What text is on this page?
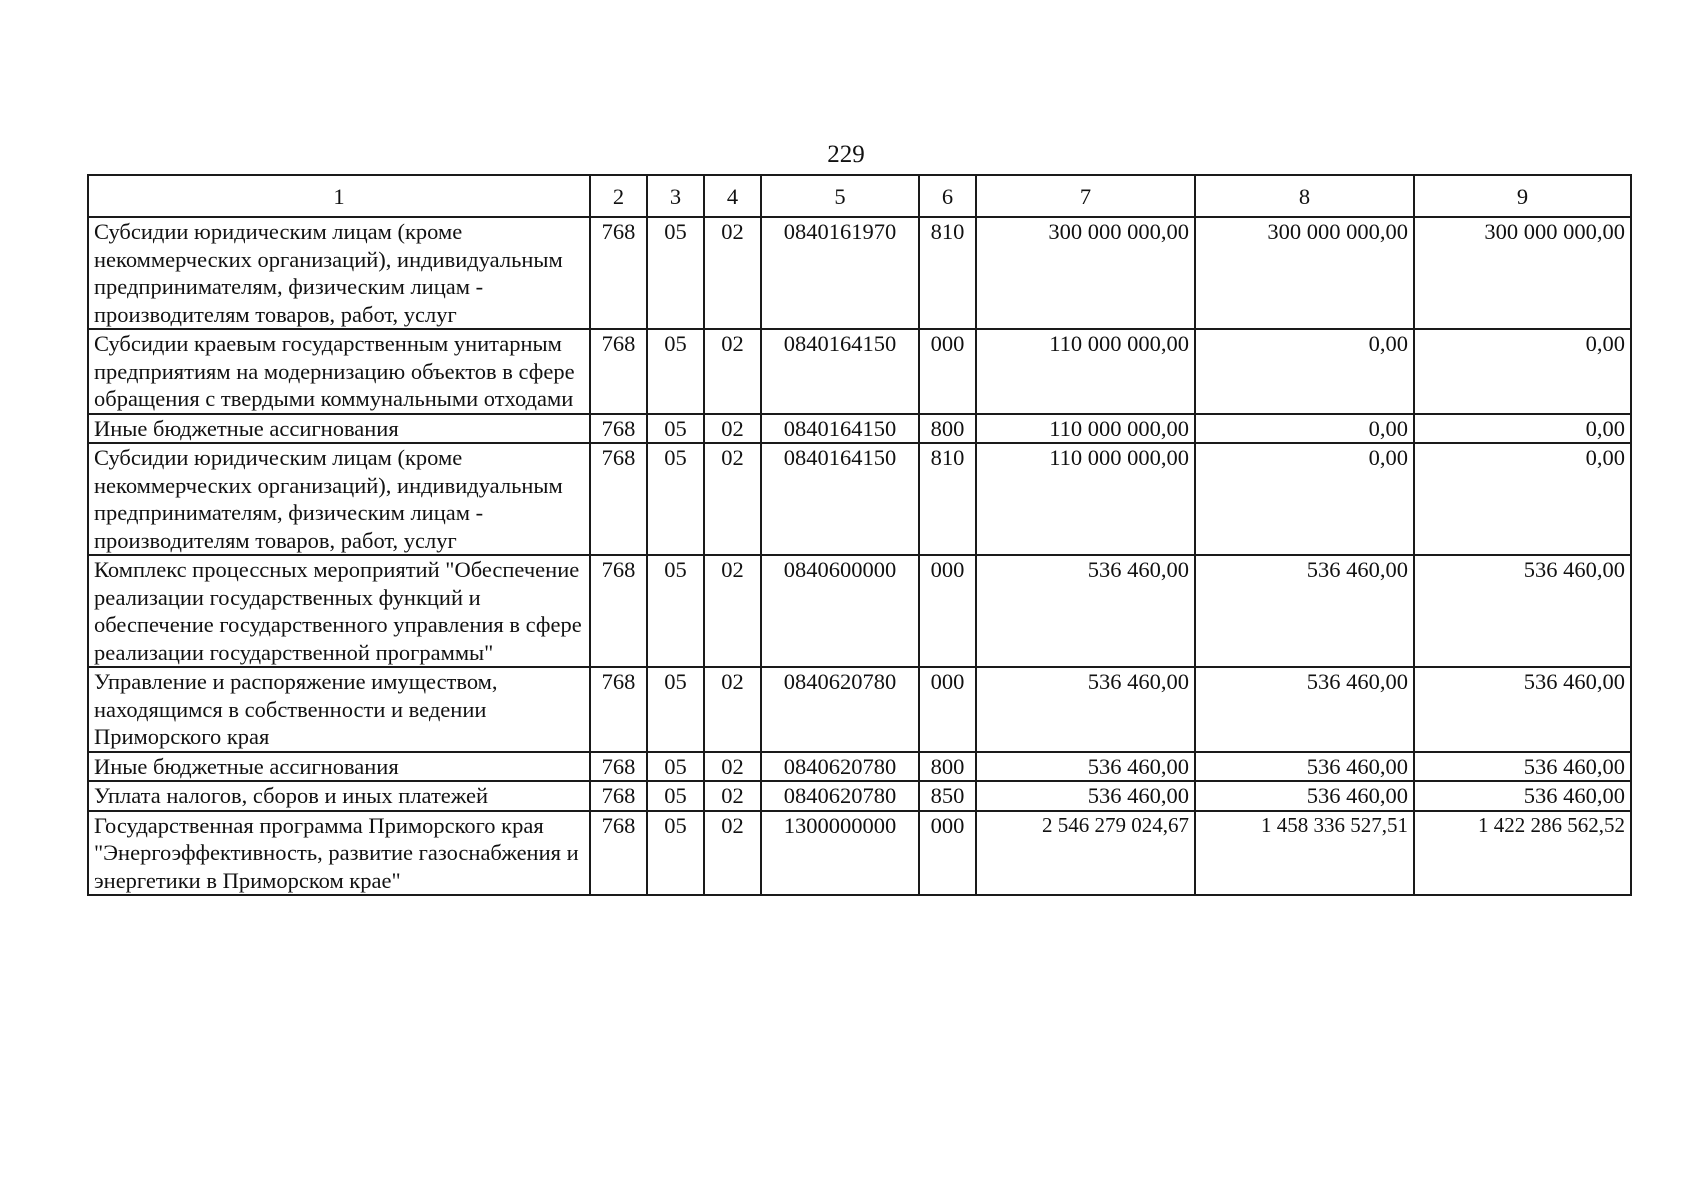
229
1	2	3	4	5	6	7	8	9
Субсидии юридическим лицам (кроме некоммерческих организаций), индивидуальным предпринимателям, физическим лицам - производителям товаров, работ, услуг	768	05	02	0840161970	810	300 000 000,00	300 000 000,00	300 000 000,00
Субсидии краевым государственным унитарным предприятиям на модернизацию объектов в сфере обращения с твердыми коммунальными отходами	768	05	02	0840164150	000	110 000 000,00	0,00	0,00
Иные бюджетные ассигнования	768	05	02	0840164150	800	110 000 000,00	0,00	0,00
Субсидии юридическим лицам (кроме некоммерческих организаций), индивидуальным предпринимателям, физическим лицам - производителям товаров, работ, услуг	768	05	02	0840164150	810	110 000 000,00	0,00	0,00
Комплекс процессных мероприятий "Обеспечение реализации государственных функций и обеспечение государственного управления в сфере реализации государственной программы"	768	05	02	0840600000	000	536 460,00	536 460,00	536 460,00
Управление и распоряжение имуществом, находящимся в собственности и ведении Приморского края	768	05	02	0840620780	000	536 460,00	536 460,00	536 460,00
Иные бюджетные ассигнования	768	05	02	0840620780	800	536 460,00	536 460,00	536 460,00
Уплата налогов, сборов и иных платежей	768	05	02	0840620780	850	536 460,00	536 460,00	536 460,00
Государственная программа Приморского края "Энергоэффективность, развитие газоснабжения и энергетики в Приморском крае"	768	05	02	1300000000	000	2 546 279 024,67	1 458 336 527,51	1 422 286 562,52
